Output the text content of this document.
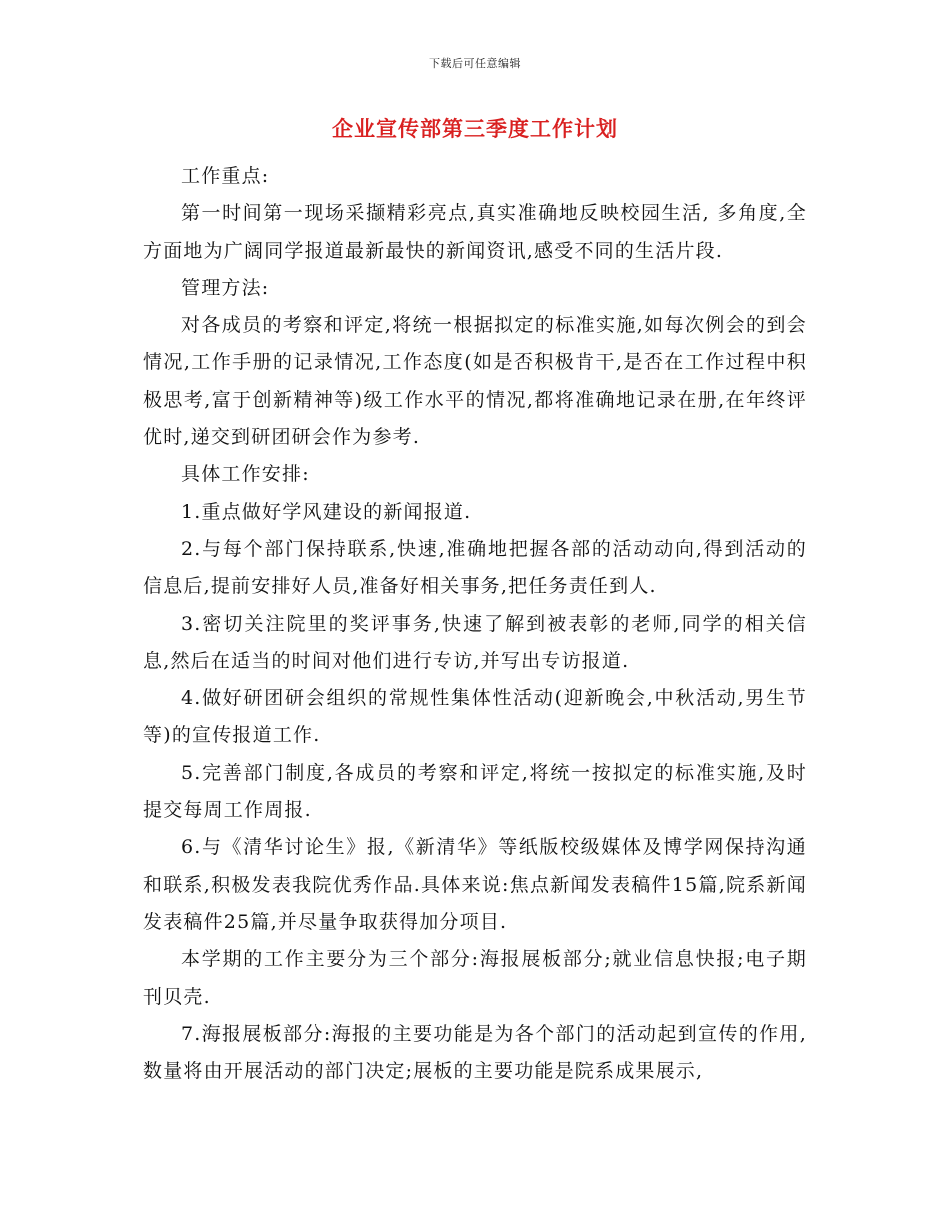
下载后可任意编辑
企业宣传部第三季度工作计划

工作重点:

第一时间第一现场采撷精彩亮点,真实准确地反映校园生活, 多角度,全方面地为广阔同学报道最新最快的新闻资讯,感受不同的生活片段.

管理方法:

对各成员的考察和评定,将统一根据拟定的标准实施,如每次例会的到会情况,工作手册的记录情况,工作态度(如是否积极肯干,是否在工作过程中积极思考,富于创新精神等)级工作水平的情况,都将准确地记录在册,在年终评优时,递交到研团研会作为参考.

具体工作安排:

1.重点做好学风建设的新闻报道.

2.与每个部门保持联系,快速,准确地把握各部的活动动向,得到活动的信息后,提前安排好人员,准备好相关事务,把任务责任到人.

3.密切关注院里的奖评事务,快速了解到被表彰的老师,同学的相关信息,然后在适当的时间对他们进行专访,并写出专访报道.

4.做好研团研会组织的常规性集体性活动(迎新晚会,中秋活动,男生节等)的宣传报道工作.

5.完善部门制度,各成员的考察和评定,将统一按拟定的标准实施,及时提交每周工作周报.

6.与《清华讨论生》报,《新清华》等纸版校级媒体及博学网保持沟通和联系,积极发表我院优秀作品.具体来说:焦点新闻发表稿件15篇,院系新闻发表稿件25篇,并尽量争取获得加分项目.

本学期的工作主要分为三个部分:海报展板部分;就业信息快报;电子期刊贝壳.

7.海报展板部分:海报的主要功能是为各个部门的活动起到宣传的作用,数量将由开展活动的部门决定;展板的主要功能是院系成果展示,
